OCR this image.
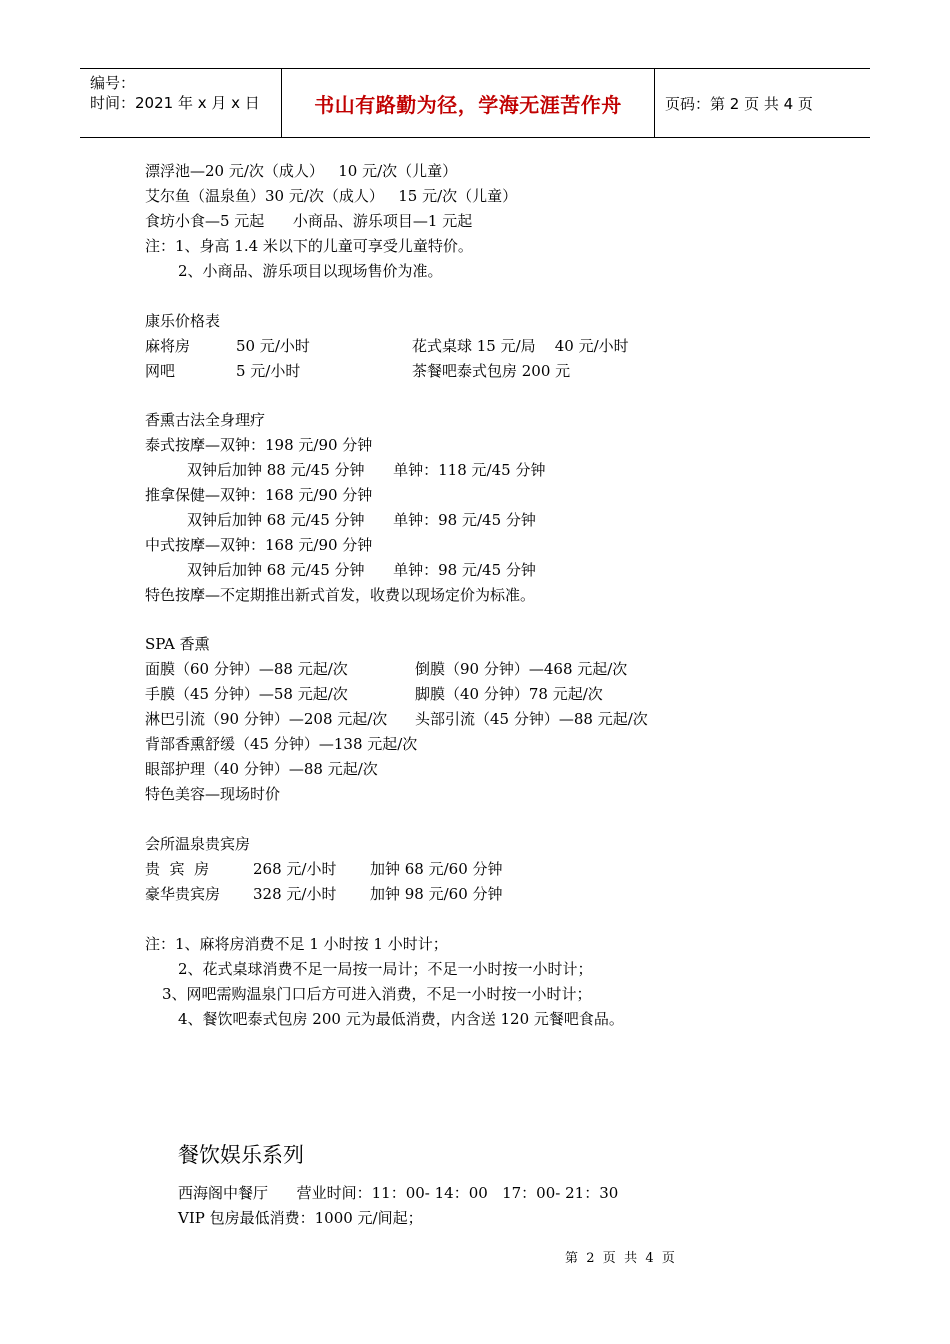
编号：
时间：2021 年 x 月 x 日	书山有路勤为径，学海无涯苦作舟	页码：第 2 页 共 4 页
漂浮池—20 元/次（成人）   10 元/次（儿童）
艾尔鱼（温泉鱼）30 元/次（成人）   15 元/次（儿童）
食坊小食—5 元起      小商品、游乐项目—1 元起
注：1、身高 1.4 米以下的儿童可享受儿童特价。
2、小商品、游乐项目以现场售价为准。
康乐价格表
麻将房	50 元/小时	花式桌球 15 元/局    40 元/小时
网吧	5 元/小时	茶餐吧泰式包房 200 元
香熏古法全身理疗
泰式按摩—双钟：198 元/90 分钟
双钟后加钟 88 元/45 分钟      单钟：118 元/45 分钟
推拿保健—双钟：168 元/90 分钟
双钟后加钟 68 元/45 分钟      单钟：98 元/45 分钟
中式按摩—双钟：168 元/90 分钟
双钟后加钟 68 元/45 分钟      单钟：98 元/45 分钟
特色按摩—不定期推出新式首发，收费以现场定价为标准。
SPA 香熏
面膜（60 分钟）—88 元起/次	倒膜（90 分钟）—468 元起/次
手膜（45 分钟）—58 元起/次	脚膜（40 分钟）78 元起/次
淋巴引流（90 分钟）—208 元起/次 头部引流（45 分钟）—88 元起/次
背部香熏舒缓（45 分钟）—138 元起/次
眼部护理（40 分钟）—88 元起/次
特色美容—现场时价
会所温泉贵宾房
贵  宾  房	268 元/小时 加钟 68 元/60 分钟
豪华贵宾房 328 元/小时 加钟 98 元/60 分钟
注：1、麻将房消费不足 1 小时按 1 小时计；
2、花式桌球消费不足一局按一局计；不足一小时按一小时计；
3、网吧需购温泉门口后方可进入消费，不足一小时按一小时计；
4、餐饮吧泰式包房 200 元为最低消费，内含送 120 元餐吧食品。
餐饮娱乐系列
西海阁中餐厅      营业时间：11：00- 14：00   17：00- 21：30
VIP 包房最低消费：1000 元/间起；
第  2  页  共  4  页
